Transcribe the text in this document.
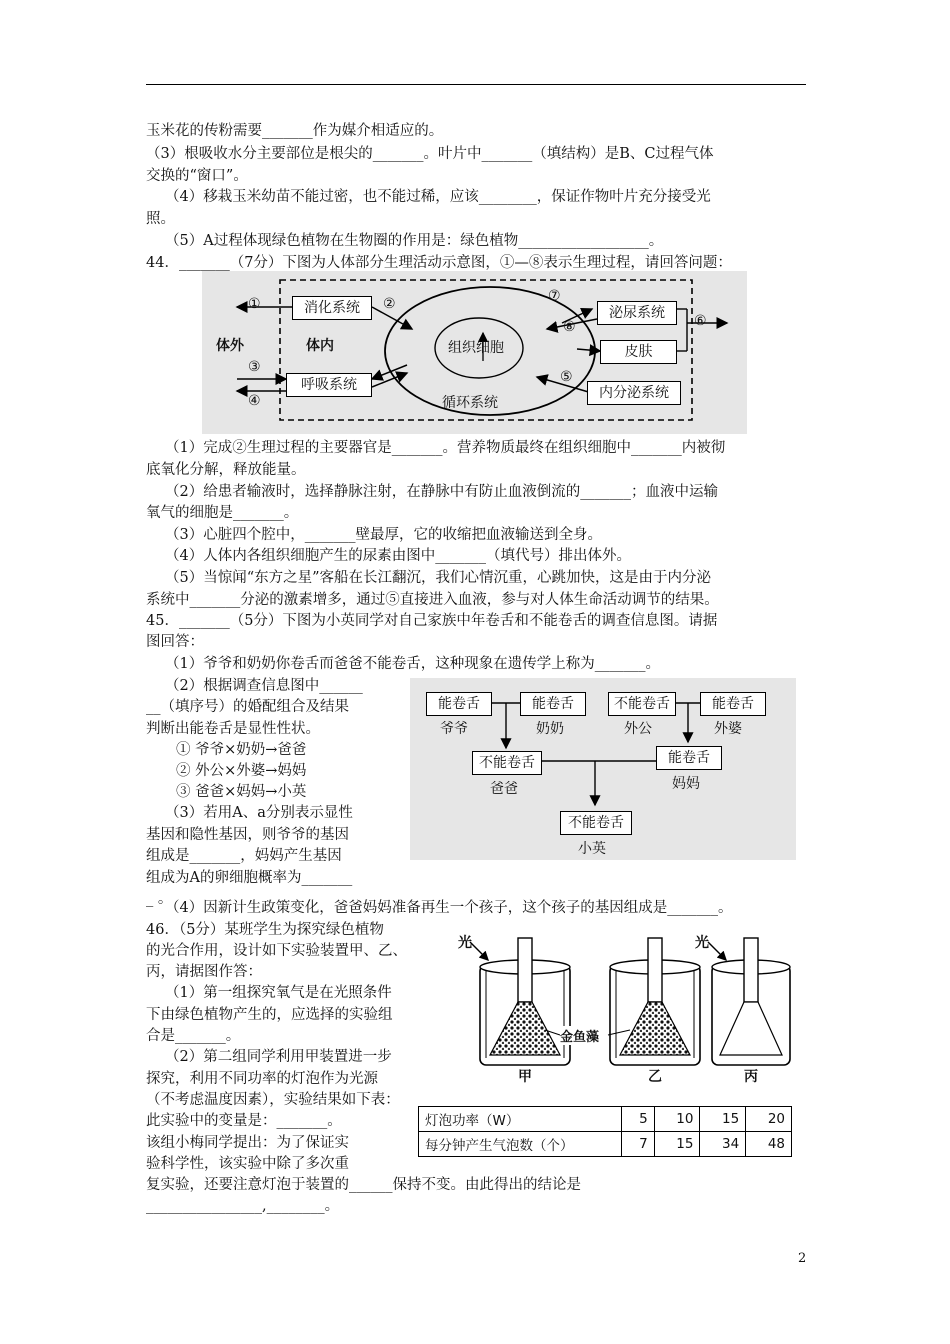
玉米花的传粉需要_______作为媒介相适应的。
（3）根吸收水分主要部位是根尖的_______。叶片中_______（填结构）是B、C过程气体
交换的“窗口”。
（4）移栽玉米幼苗不能过密，也不能过稀，应该________，保证作物叶片充分接受光
照。
（5）A过程体现绿色植物在生物圈的作用是：绿色植物__________________。
44．_______（7分）下图为人体部分生理活动示意图，①—⑧表示生理过程，请回答问题：
①	②
③
④
⑤
⑥
⑦
⑧
体外	体内
消化系统
呼吸系统
泌尿系统
皮肤
内分泌系统
组织细胞
循环系统
（1）完成②生理过程的主要器官是_______。营养物质最终在组织细胞中_______内被彻
底氧化分解，释放能量。
（2）给患者输液时，选择静脉注射，在静脉中有防止血液倒流的_______；血液中运输
氧气的细胞是_______。
（3）心脏四个腔中，_______壁最厚，它的收缩把血液输送到全身。
（4）人体内各组织细胞产生的尿素由图中_______（填代号）排出体外。
（5）当惊闻“东方之星”客船在长江翻沉，我们心情沉重，心跳加快，这是由于内分泌
系统中_______分泌的激素增多，通过⑤直接进入血液，参与对人体生命活动调节的结果。
45．_______（5分）下图为小英同学对自己家族中年卷舌和不能卷舌的调查信息图。请据
图回答：
（1）爷爷和奶奶你卷舌而爸爸不能卷舌，这种现象在遗传学上称为_______。
（2）根据调查信息图中______
__（填序号）的婚配组合及结果
判断出能卷舌是显性性状。
① 爷爷×奶奶→爸爸
② 外公×外婆→妈妈
③ 爸爸×妈妈→小英
（3）若用A、a分别表示显性
基因和隐性基因，则爷爷的基因
组成是_______，妈妈产生基因
组成为A的卵细胞概率为_______
_ 。
能卷舌	能卷舌	不能卷舌	能卷舌
爷爷	奶奶	外公	外婆
不能卷舌	能卷舌
爸爸	妈妈
不能卷舌
小英
（4）因新计生政策变化，爸爸妈妈准备再生一个孩子，这个孩子的基因组成是_______。
46．（5分）某班学生为探究绿色植物
的光合作用，设计如下实验装置甲、乙、
丙，请据图作答：
（1）第一组探究氧气是在光照条件
下由绿色植物产生的，应选择的实验组
合是_______。
（2）第二组同学利用甲装置进一步
探究，利用不同功率的灯泡作为光源
（不考虑温度因素），实验结果如下表：
此实验中的变量是：_______。
该组小梅同学提出：为了保证实
验科学性，该实验中除了多次重
复实验，还要注意灯泡于装置的______保持不变。由此得出的结论是
________________,________。
光	光
金鱼藻
甲	乙	丙
灯泡功率（W）	5	10	15	20
每分钟产生气泡数（个）	7	15	34	48
2
